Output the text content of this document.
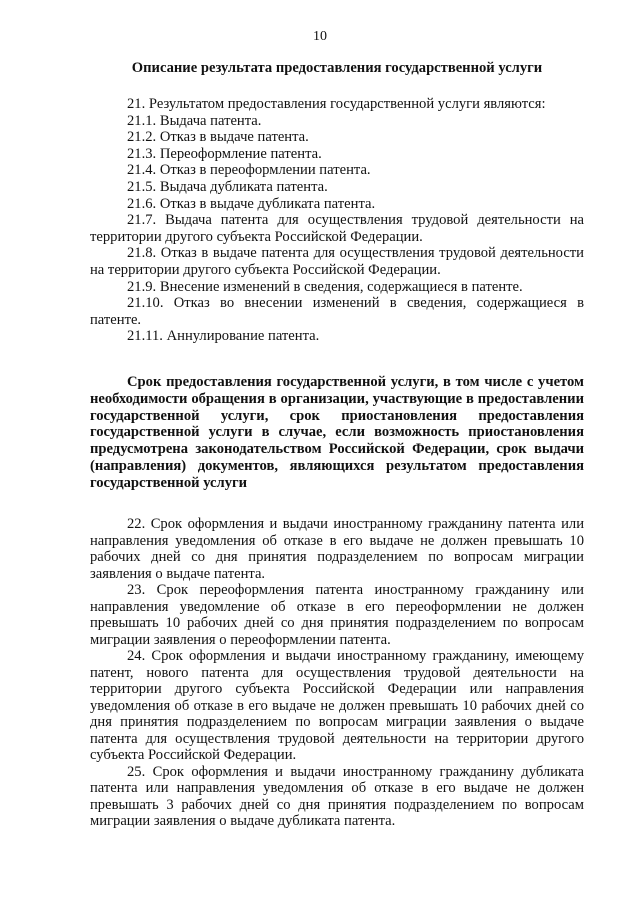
10
Описание результата предоставления государственной услуги

21. Результатом предоставления государственной услуги являются:

21.1. Выдача патента.

21.2. Отказ в выдаче патента.

21.3. Переоформление патента.

21.4. Отказ в переоформлении патента.

21.5. Выдача дубликата патента.

21.6. Отказ в выдаче дубликата патента.

21.7. Выдача патента для осуществления трудовой деятельности на территории другого субъекта Российской Федерации.

21.8. Отказ в выдаче патента для осуществления трудовой деятельности на территории другого субъекта Российской Федерации.

21.9. Внесение изменений в сведения, содержащиеся в патенте.

21.10. Отказ во внесении изменений в сведения, содержащиеся в патенте.

21.11. Аннулирование патента.

Срок предоставления государственной услуги, в том числе с учетом необходимости обращения в организации, участвующие в предоставлении государственной услуги, срок приостановления предоставления государственной услуги в случае, если возможность приостановления предусмотрена законодательством Российской Федерации, срок выдачи (направления) документов, являющихся результатом предоставления государственной услуги

22. Срок оформления и выдачи иностранному гражданину патента или направления уведомления об отказе в его выдаче не должен превышать 10 рабочих дней со дня принятия подразделением по вопросам миграции заявления о выдаче патента.

23. Срок переоформления патента иностранному гражданину или направления уведомление об отказе в его переоформлении не должен превышать 10 рабочих дней со дня принятия подразделением по вопросам миграции заявления о переоформлении патента.

24. Срок оформления и выдачи иностранному гражданину, имеющему патент, нового патента для осуществления трудовой деятельности на территории другого субъекта Российской Федерации или направления уведомления об отказе в его выдаче не должен превышать 10 рабочих дней со дня принятия подразделением по вопросам миграции заявления о выдаче патента для осуществления трудовой деятельности на территории другого субъекта Российской Федерации.

25. Срок оформления и выдачи иностранному гражданину дубликата патента или направления уведомления об отказе в его выдаче не должен превышать 3 рабочих дней со дня принятия подразделением по вопросам миграции заявления о выдаче дубликата патента.
